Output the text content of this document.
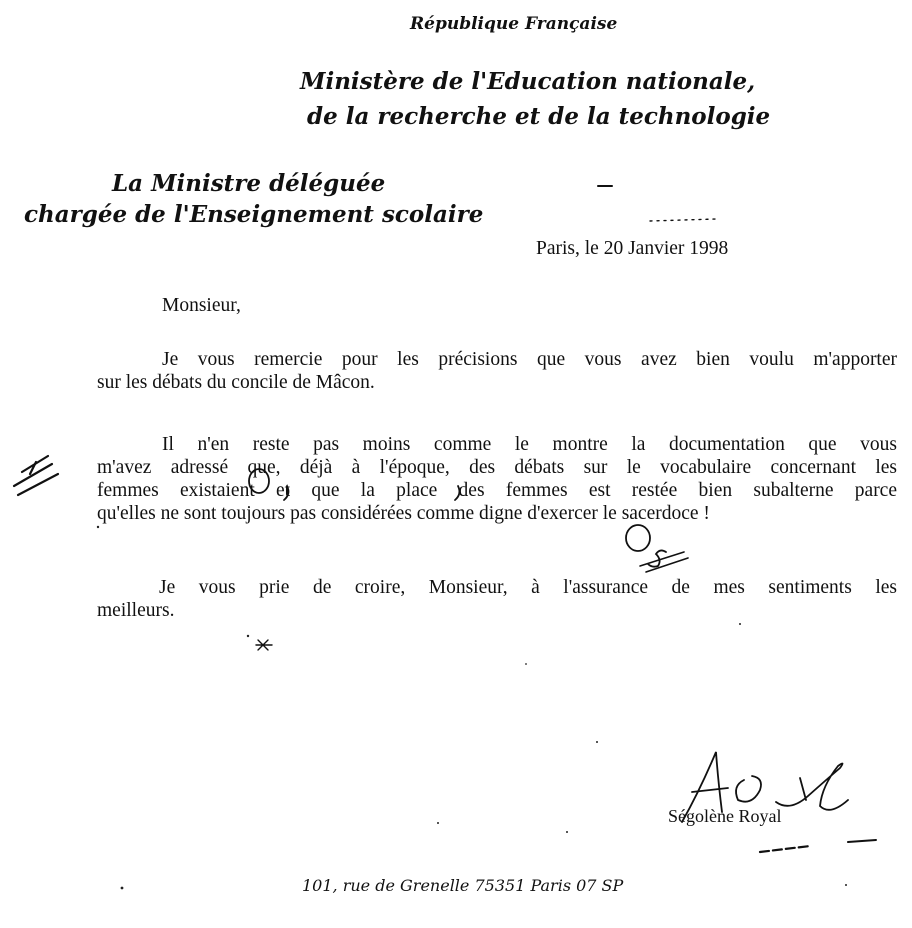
République Française
Ministère de l'Education nationale,
de la recherche et de la technologie
La Ministre déléguée
chargée de l'Enseignement scolaire
Paris, le 20 Janvier 1998
Monsieur,
Je vous remercie pour les précisions que vous avez bien voulu m'apporter
sur les débats du concile de Mâcon.
Il n'en reste pas moins comme le montre la documentation que vous
m'avez adressé que, déjà à l'époque, des débats sur le vocabulaire concernant les
femmes existaient et que la place des femmes est restée bien subalterne parce
qu'elles ne sont toujours pas considérées comme digne d'exercer le sacerdoce !
Je vous prie de croire, Monsieur, à l'assurance de mes sentiments les
meilleurs.
Ségolène Royal
101, rue de Grenelle 75351 Paris 07 SP
